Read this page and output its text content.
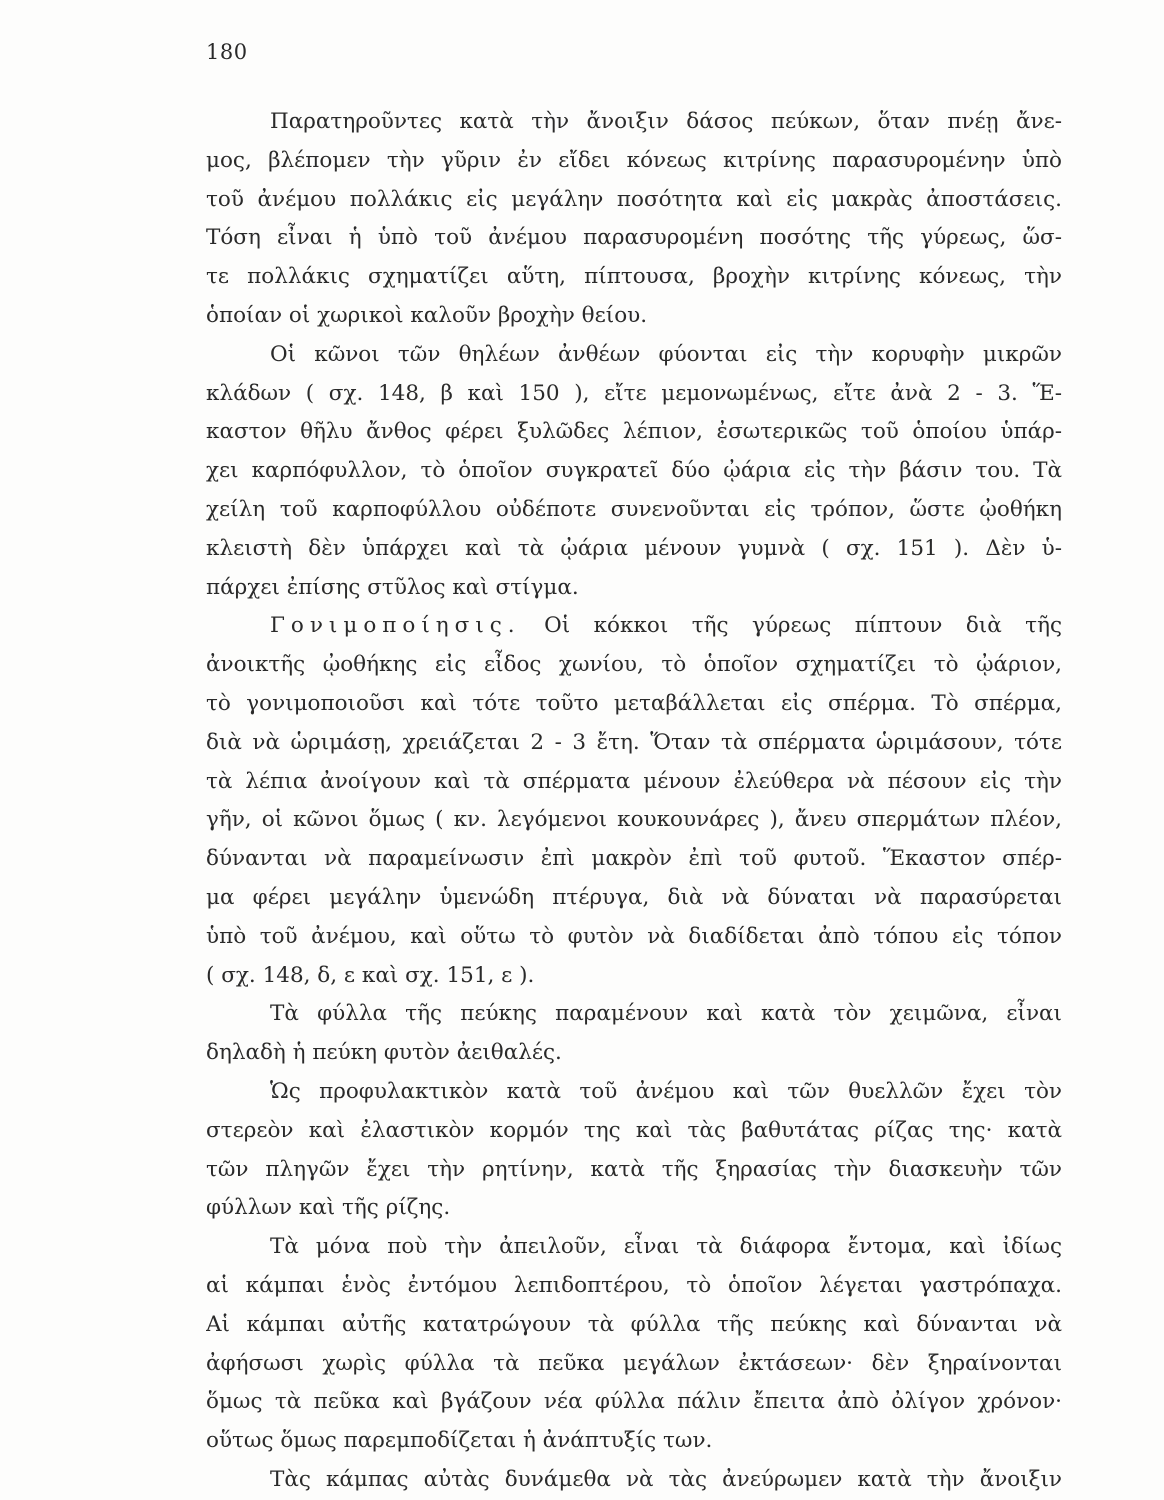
180
Παρατηροῦντες κατὰ τὴν ἄνοιξιν δάσος πεύκων, ὅταν πνέῃ ἄνε-
μος, βλέπομεν τὴν γῦριν ἐν εἴδει κόνεως κιτρίνης παρασυρομένην ὑπὸ
τοῦ ἀνέμου πολλάκις εἰς μεγάλην ποσότητα καὶ εἰς μακρὰς ἀποστάσεις.
Τόση εἶναι ἡ ὑπὸ τοῦ ἀνέμου παρασυρομένη ποσότης τῆς γύρεως, ὥσ-
τε πολλάκις σχηματίζει αὕτη, πίπτουσα, βροχὴν κιτρίνης κόνεως, τὴν
ὁποίαν οἱ χωρικοὶ καλοῦν βροχὴν θείου.
Οἱ κῶνοι τῶν θηλέων ἀνθέων φύονται εἰς τὴν κορυφὴν μικρῶν
κλάδων ( σχ. 148, β καὶ 150 ), εἴτε μεμονωμένως, εἴτε ἀνὰ 2 - 3. Ἕ-
καστον θῆλυ ἄνθος φέρει ξυλῶδες λέπιον, ἐσωτερικῶς τοῦ ὁποίου ὑπάρ-
χει καρπόφυλλον, τὸ ὁποῖον συγκρατεῖ δύο ᾠάρια εἰς τὴν βάσιν του. Τὰ
χείλη τοῦ καρποφύλλου οὐδέποτε συνενοῦνται εἰς τρόπον, ὥστε ᾠοθήκη
κλειστὴ δὲν ὑπάρχει καὶ τὰ ᾠάρια μένουν γυμνὰ ( σχ. 151 ). Δὲν ὑ-
πάρχει ἐπίσης στῦλος καὶ στίγμα.
Γονιμοποίησις. Οἱ κόκκοι τῆς γύρεως πίπτουν διὰ τῆς
ἀνοικτῆς ᾠοθήκης εἰς εἶδος χωνίου, τὸ ὁποῖον σχηματίζει τὸ ᾠάριον,
τὸ γονιμοποιοῦσι καὶ τότε τοῦτο μεταβάλλεται εἰς σπέρμα. Τὸ σπέρμα,
διὰ νὰ ὡριμάσῃ, χρειάζεται 2 - 3 ἔτη. Ὅταν τὰ σπέρματα ὡριμάσουν, τότε
τὰ λέπια ἀνοίγουν καὶ τὰ σπέρματα μένουν ἐλεύθερα νὰ πέσουν εἰς τὴν
γῆν, οἱ κῶνοι ὅμως ( κν. λεγόμενοι κουκουνάρες ), ἄνευ σπερμάτων πλέον,
δύνανται νὰ παραμείνωσιν ἐπὶ μακρὸν ἐπὶ τοῦ φυτοῦ. Ἕκαστον σπέρ-
μα φέρει μεγάλην ὑμενώδη πτέρυγα, διὰ νὰ δύναται νὰ παρασύρεται
ὑπὸ τοῦ ἀνέμου, καὶ οὕτω τὸ φυτὸν νὰ διαδίδεται ἀπὸ τόπου εἰς τόπον
( σχ. 148, δ, ε καὶ σχ. 151, ε ).
Τὰ φύλλα τῆς πεύκης παραμένουν καὶ κατὰ τὸν χειμῶνα, εἶναι
δηλαδὴ ἡ πεύκη φυτὸν ἀειθαλές.
Ὡς προφυλακτικὸν κατὰ τοῦ ἀνέμου καὶ τῶν θυελλῶν ἔχει τὸν
στερεὸν καὶ ἐλαστικὸν κορμόν της καὶ τὰς βαθυτάτας ρίζας της· κατὰ
τῶν πληγῶν ἔχει τὴν ρητίνην, κατὰ τῆς ξηρασίας τὴν διασκευὴν τῶν
φύλλων καὶ τῆς ρίζης.
Τὰ μόνα ποὺ τὴν ἀπειλοῦν, εἶναι τὰ διάφορα ἔντομα, καὶ ἰδίως
αἱ κάμπαι ἑνὸς ἐντόμου λεπιδοπτέρου, τὸ ὁποῖον λέγεται γαστρόπαχα.
Αἱ κάμπαι αὐτῆς κατατρώγουν τὰ φύλλα τῆς πεύκης καὶ δύνανται νὰ
ἀφήσωσι χωρὶς φύλλα τὰ πεῦκα μεγάλων ἐκτάσεων· δὲν ξηραίνονται
ὅμως τὰ πεῦκα καὶ βγάζουν νέα φύλλα πάλιν ἔπειτα ἀπὸ ὀλίγον χρόνον·
οὕτως ὅμως παρεμποδίζεται ἡ ἀνάπτυξίς των.
Τὰς κάμπας αὐτὰς δυνάμεθα νὰ τὰς ἀνεύρωμεν κατὰ τὴν ἄνοιξιν
